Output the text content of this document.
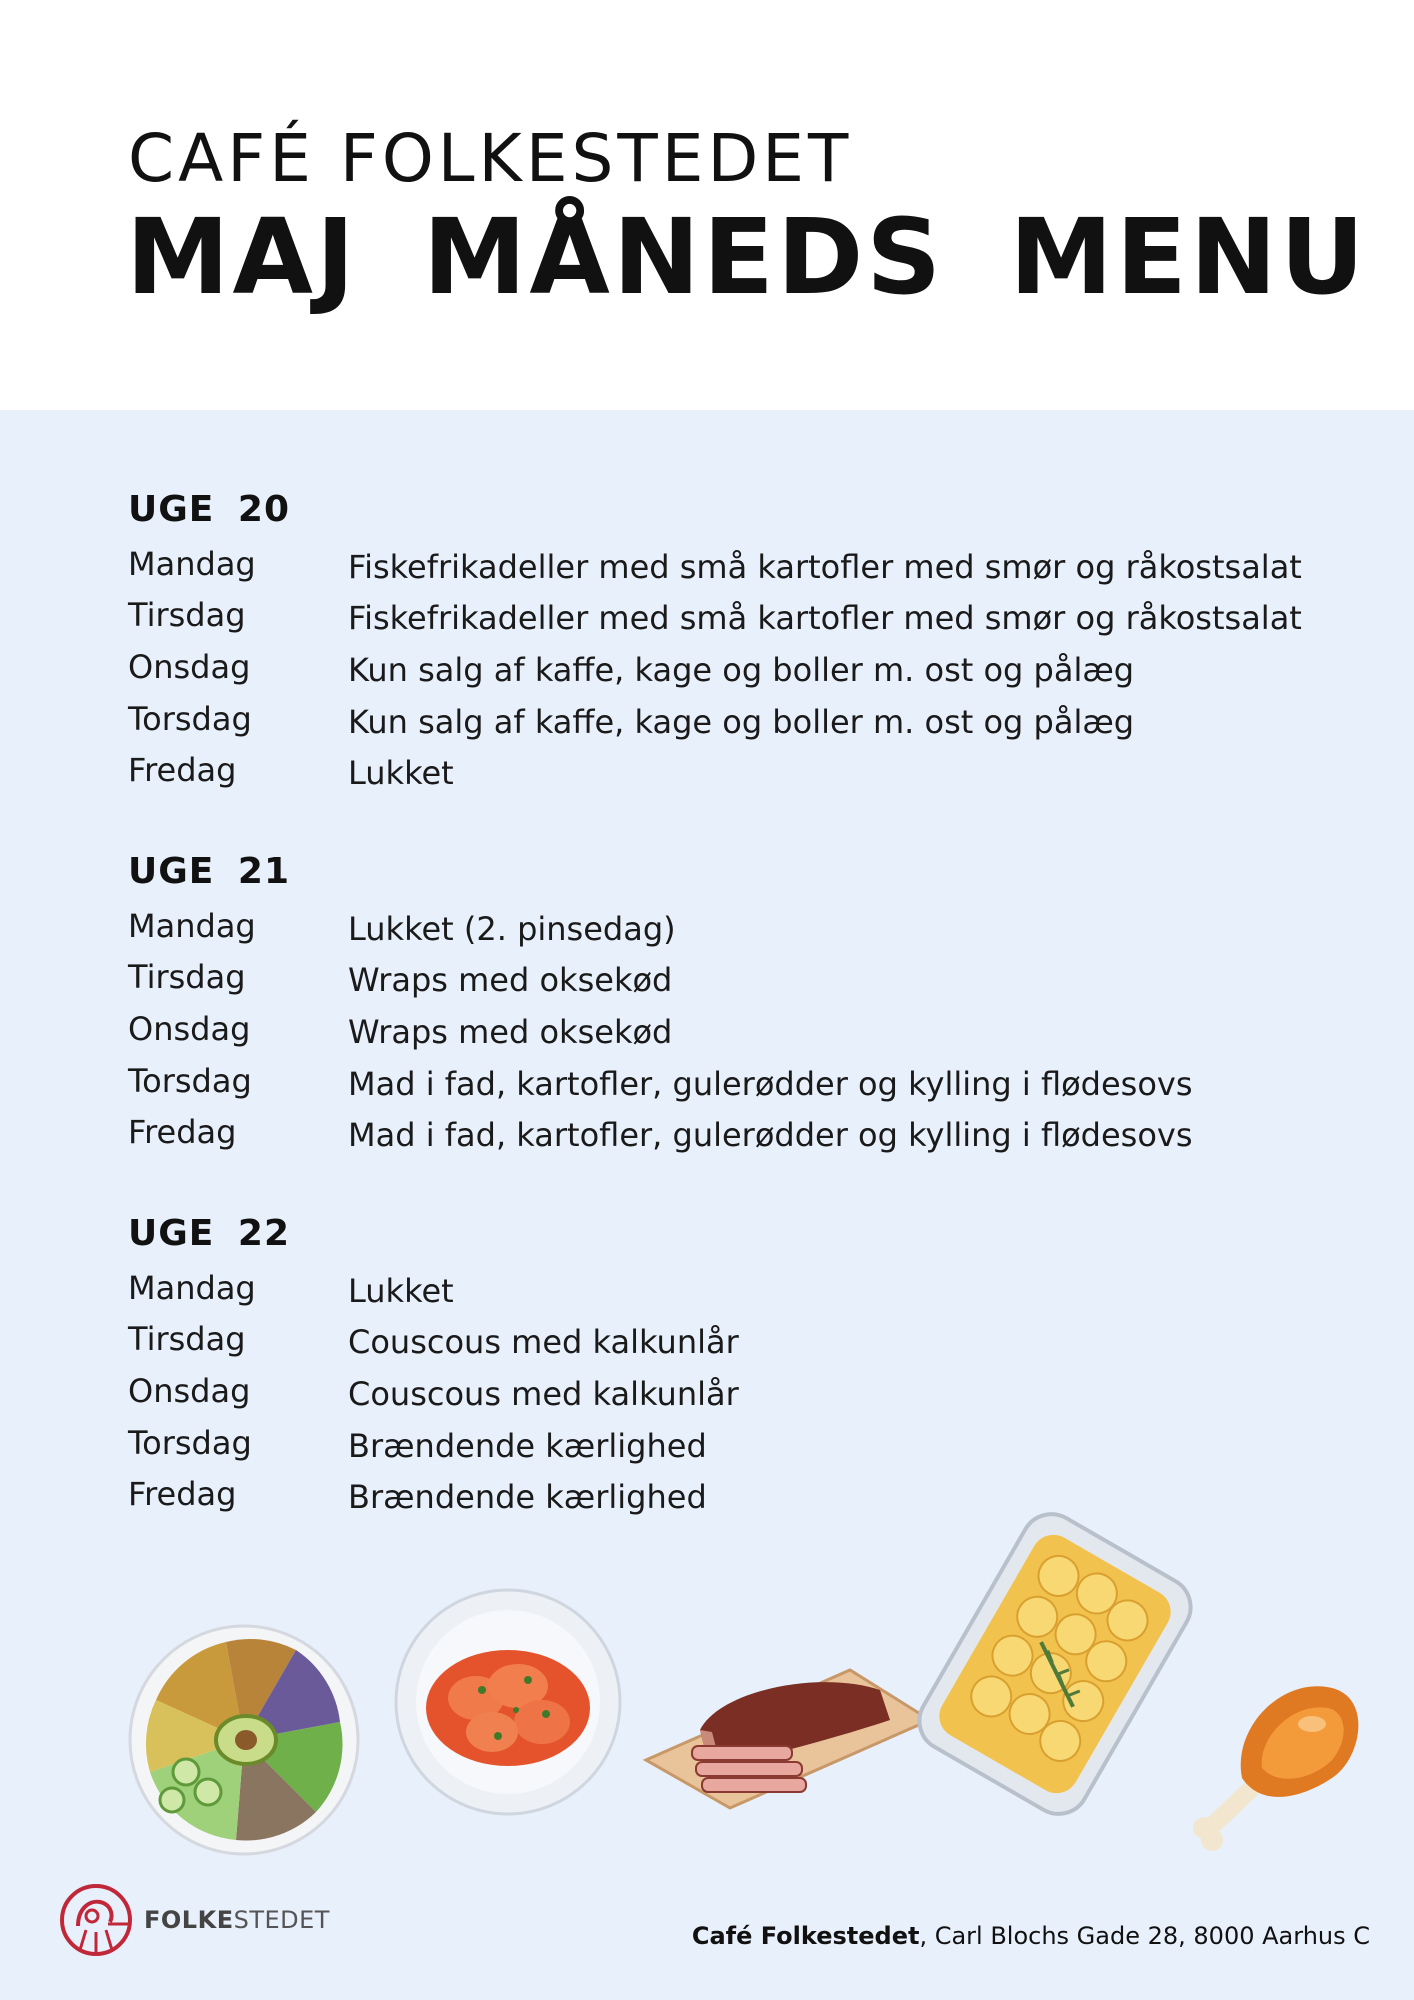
CAFÉ FOLKESTEDET
MAJ MÅNEDS MENU
UGE 20
Mandag	Fiskefrikadeller med små kartofler med smør og råkostsalat
Tirsdag	Fiskefrikadeller med små kartofler med smør og råkostsalat
Onsdag	Kun salg af kaffe, kage og boller m. ost og pålæg
Torsdag	Kun salg af kaffe, kage og boller m. ost og pålæg
Fredag	Lukket
UGE 21
Mandag	Lukket (2. pinsedag)
Tirsdag	Wraps med oksekød
Onsdag	Wraps med oksekød
Torsdag	Mad i fad, kartofler, gulerødder og kylling i flødesovs
Fredag	Mad i fad, kartofler, gulerødder og kylling i flødesovs
UGE 22
Mandag	Lukket
Tirsdag	Couscous med kalkunlår
Onsdag	Couscous med kalkunlår
Torsdag	Brændende kærlighed
Fredag	Brændende kærlighed
FOLKESTEDET
Café Folkestedet, Carl Blochs Gade 28, 8000 Aarhus C
